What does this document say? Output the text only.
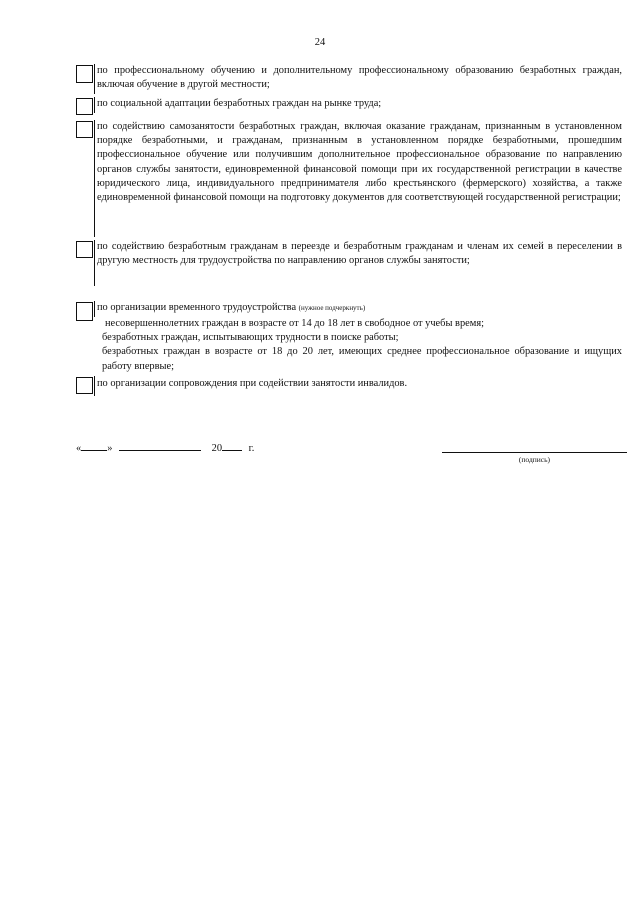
24
по профессиональному обучению и дополнительному профессиональному образованию безработных граждан, включая обучение в другой местности;
по социальной адаптации безработных граждан на рынке труда;
по содействию самозанятости безработных граждан, включая оказание гражданам, признанным в установленном порядке безработными, и гражданам, признанным в установленном порядке безработными, прошедшим профессиональное обучение или получившим дополнительное профессиональное образование по направлению органов службы занятости, единовременной финансовой помощи при их государственной регистрации в качестве юридического лица, индивидуального предпринимателя либо крестьянского (фермерского) хозяйства, а также единовременной финансовой помощи на подготовку документов для соответствующей государственной регистрации;
по содействию безработным гражданам в переезде и безработным гражданам и членам их семей в переселении в другую местность для трудоустройства по направлению органов службы занятости;
по организации временного трудоустройства (нужное подчеркнуть)
несовершеннолетних граждан в возрасте от 14 до 18 лет в свободное от учебы время;
безработных граждан, испытывающих трудности в поиске работы;
безработных граждан в возрасте от 18 до 20 лет, имеющих среднее профессиональное образование и ищущих работу впервые;
по организации сопровождения при содействии занятости инвалидов.
«	»	20	г.
(подпись)
